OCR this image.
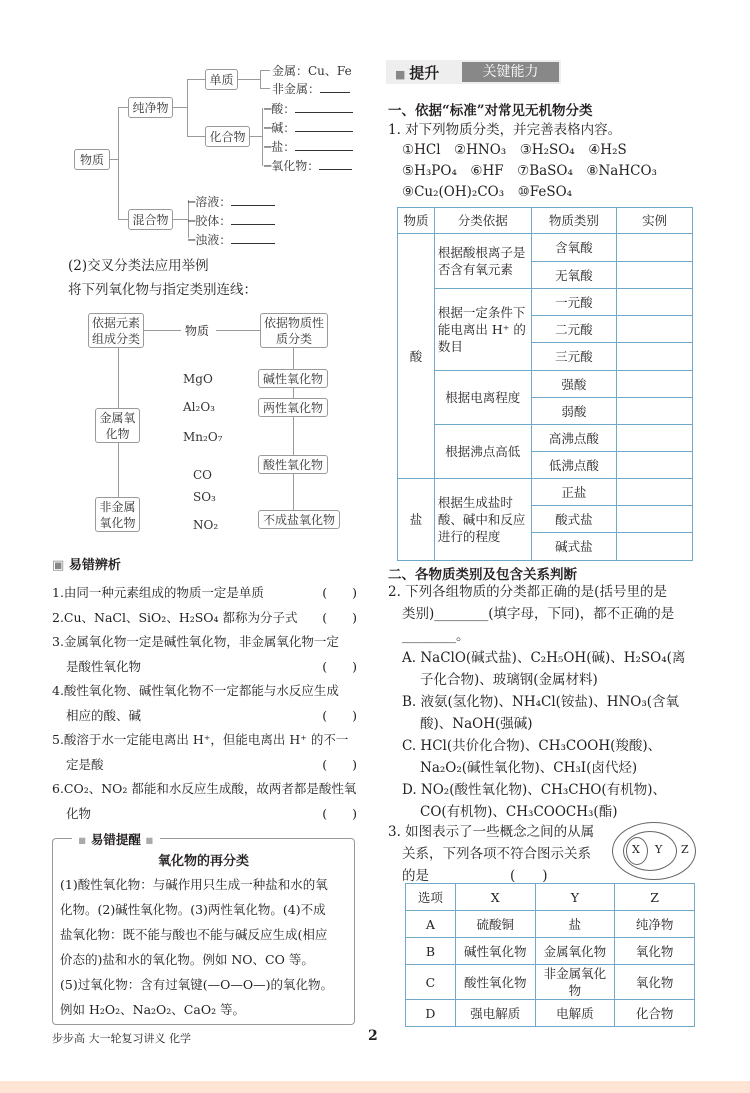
物质
纯净物
混合物
单质
化合物
金属：Cu、Fe
非金属：
─酸：
─碱：
─盐：
─氧化物：
─溶液：
─胶体：
─浊液：
(2)交叉分类法应用举例
将下列氧化物与指定类别连线：
依据元素组成分类
物质
依据物质性质分类
金属氧化物
非金属氧化物
MgO
Al₂O₃
Mn₂O₇
CO
SO₃
NO₂
碱性氧化物
两性氧化物
酸性氧化物
不成盐氧化物
▣ 易错辨析
1.由同一种元素组成的物质一定是单质	(　　)
2.Cu、NaCl、SiO₂、H₂SO₄ 都称为分子式 (　　)
3.金属氧化物一定是碱性氧化物，非金属氧化物一定
是酸性氧化物	(　　)
4.酸性氧化物、碱性氧化物不一定都能与水反应生成
相应的酸、碱	(　　)
5.酸溶于水一定能电离出 H⁺，但能电离出 H⁺ 的不一
定是酸	(　　)
6.CO₂、NO₂ 都能和水反应生成酸，故两者都是酸性氧
化物	(　　)
▪ 易错提醒 ▪
氧化物的再分类
(1)酸性氧化物：与碱作用只生成一种盐和水的氧
化物。(2)碱性氧化物。(3)两性氧化物。(4)不成
盐氧化物：既不能与酸也不能与碱反应生成(相应
价态的)盐和水的氧化物。例如 NO、CO 等。
(5)过氧化物：含有过氧键(—O—O—)的氧化物。
例如 H₂O₂、Na₂O₂、CaO₂ 等。
■ 提升	关键能力
一、依据“标准”对常见无机物分类
1. 对下列物质分类，并完善表格内容。
①HCl　②HNO₃　③H₂SO₄　④H₂S
⑤H₃PO₄　⑥HF　⑦BaSO₄　⑧NaHCO₃
⑨Cu₂(OH)₂CO₃　⑩FeSO₄
物质	分类依据	物质类别	实例
酸	根据酸根离子是否含有氧元素	含氧酸	
		无氧酸	
	根据一定条件下能电离出 H⁺ 的数目	一元酸	
		二元酸	
		三元酸	
	根据电离程度	强酸	
		弱酸	
	根据沸点高低	高沸点酸	
		低沸点酸	
盐	根据生成盐时酸、碱中和反应进行的程度	正盐	
		酸式盐	
		碱式盐	
二、各物质类别及包含关系判断
2. 下列各组物质的分类都正确的是(括号里的是
类别)________(填字母，下同)，都不正确的是
________。
A. NaClO(碱式盐)、C₂H₅OH(碱)、H₂SO₄(离
子化合物)、玻璃钢(金属材料)
B. 液氨(氢化物)、NH₄Cl(铵盐)、HNO₃(含氧
酸)、NaOH(强碱)
C. HCl(共价化合物)、CH₃COOH(羧酸)、
Na₂O₂(碱性氧化物)、CH₃I(卤代烃)
D. NO₂(酸性氧化物)、CH₃CHO(有机物)、
CO(有机物)、CH₃COOCH₃(酯)
3. 如图表示了一些概念之间的从属
关系，下列各项不符合图示关系
的是　　　　　　(　　)
X Y Z
选项	X	Y	Z
A	硫酸铜	盐	纯净物
B	碱性氧化物	金属氧化物	氧化物
C	酸性氧化物	非金属氧化物	氧化物
D	强电解质	电解质	化合物
步步高 大一轮复习讲义 化学	2
